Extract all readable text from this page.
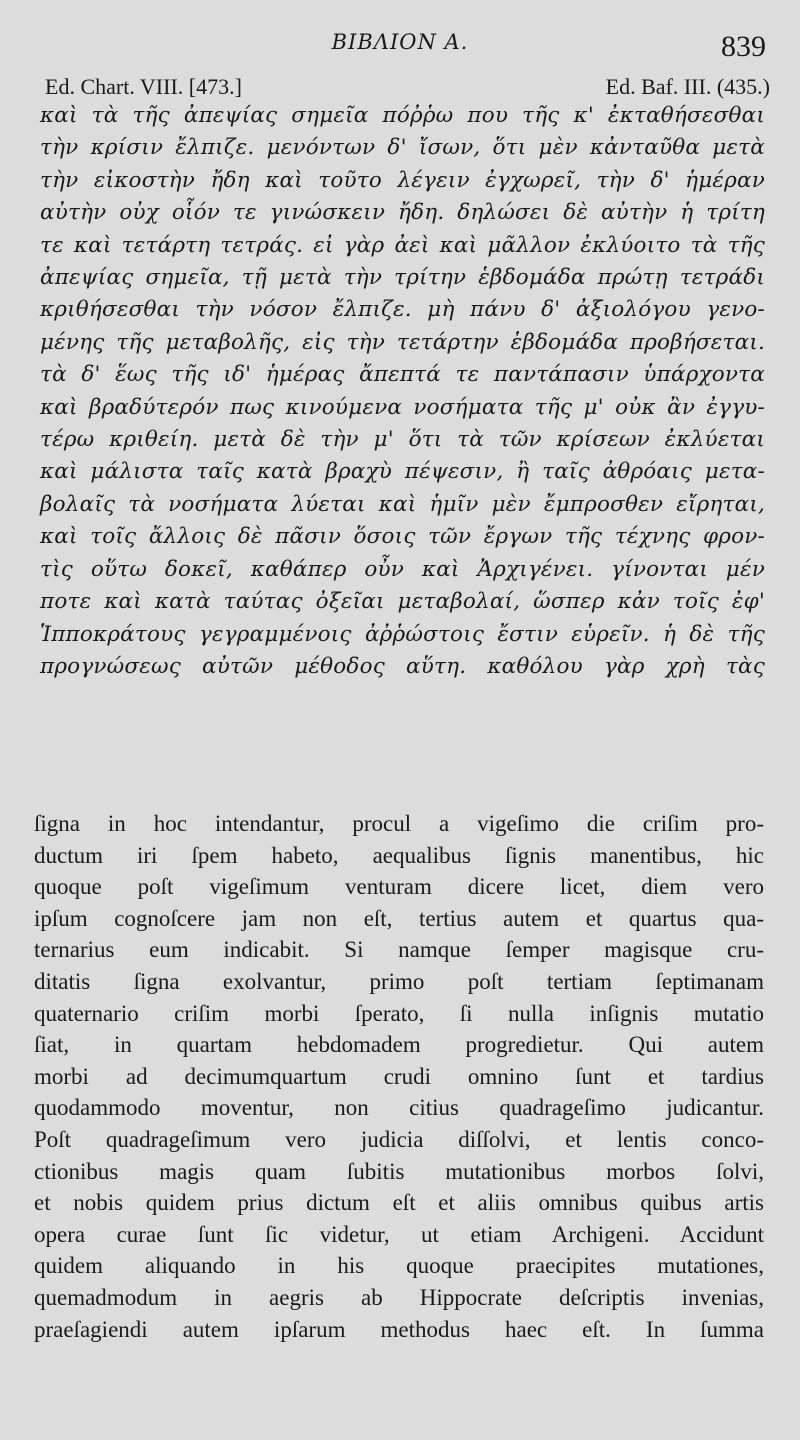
BIBΛΙΟΝ Α.	839
Ed. Chart. VIII. [473.]	Ed. Baf. III. (435.)
καὶ τὰ τῆς ἀπεψίας σημεῖα πόῤῥω που τῆς κ' ἐκταθήσεσθαι
τὴν κρίσιν ἔλπιζε. μενόντων δ' ἴσων, ὅτι μὲν κἀνταῦθα μετὰ
τὴν εἰκοστὴν ἤδη καὶ τοῦτο λέγειν ἐγχωρεῖ, τὴν δ' ἡμέραν
αὐτὴν οὐχ οἷόν τε γινώσκειν ἤδη. δηλώσει δὲ αὐτὴν ἡ τρίτη
τε καὶ τετάρτη τετράς. εἰ γὰρ ἀεὶ καὶ μᾶλλον ἐκλύοιτο τὰ τῆς
ἀπεψίας σημεῖα, τῇ μετὰ τὴν τρίτην ἑβδομάδα πρώτῃ τετράδι
κριθήσεσθαι τὴν νόσον ἔλπιζε. μὴ πάνυ δ' ἀξιολόγου γενο-
μένης τῆς μεταβολῆς, εἰς τὴν τετάρτην ἑβδομάδα προβήσεται.
τὰ δ' ἕως τῆς ιδ' ἡμέρας ἄπεπτά τε παντάπασιν ὑπάρχοντα
καὶ βραδύτερόν πως κινούμενα νοσήματα τῆς μ' οὐκ ἂν ἐγγυ-
τέρω κριθείη. μετὰ δὲ τὴν μ' ὅτι τὰ τῶν κρίσεων ἐκλύεται
καὶ μάλιστα ταῖς κατὰ βραχὺ πέψεσιν, ἢ ταῖς ἀθρόαις μετα-
βολαῖς τὰ νοσήματα λύεται καὶ ἡμῖν μὲν ἔμπροσθεν εἴρηται,
καὶ τοῖς ἄλλοις δὲ πᾶσιν ὅσοις τῶν ἔργων τῆς τέχνης φρον-
τὶς οὕτω δοκεῖ, καθάπερ οὖν καὶ Ἀρχιγένει. γίνονται μέν
ποτε καὶ κατὰ ταύτας ὀξεῖαι μεταβολαί, ὥσπερ κἀν τοῖς ἐφ'
Ἱπποκράτους γεγραμμένοις ἀῤῥώστοις ἔστιν εὑρεῖν. ἡ δὲ τῆς
προγνώσεως αὐτῶν μέθοδος αὕτη. καθόλου γὰρ χρὴ τὰς
ſigna in hoc intendantur, procul a vigeſimo die criſim pro-
ductum iri ſpem habeto, aequalibus ſignis manentibus, hic
quoque poſt vigeſimum venturam dicere licet, diem vero
ipſum cognoſcere jam non eſt, tertius autem et quartus qua-
ternarius eum indicabit. Si namque ſemper magisque cru-
ditatis ſigna exolvantur, primo poſt tertiam ſeptimanam
quaternario criſim morbi ſperato, ſi nulla inſignis mutatio
ſiat, in quartam hebdomadem progredietur. Qui autem
morbi ad decimumquartum crudi omnino ſunt et tardius
quodammodo moventur, non citius quadrageſimo judicantur.
Poſt quadrageſimum vero judicia diſſolvi, et lentis conco-
ctionibus magis quam ſubitis mutationibus morbos ſolvi,
et nobis quidem prius dictum eſt et aliis omnibus quibus artis
opera curae ſunt ſic videtur, ut etiam Archigeni. Accidunt
quidem aliquando in his quoque praecipites mutationes,
quemadmodum in aegris ab Hippocrate deſcriptis invenias,
praeſagiendi autem ipſarum methodus haec eſt. In ſumma
